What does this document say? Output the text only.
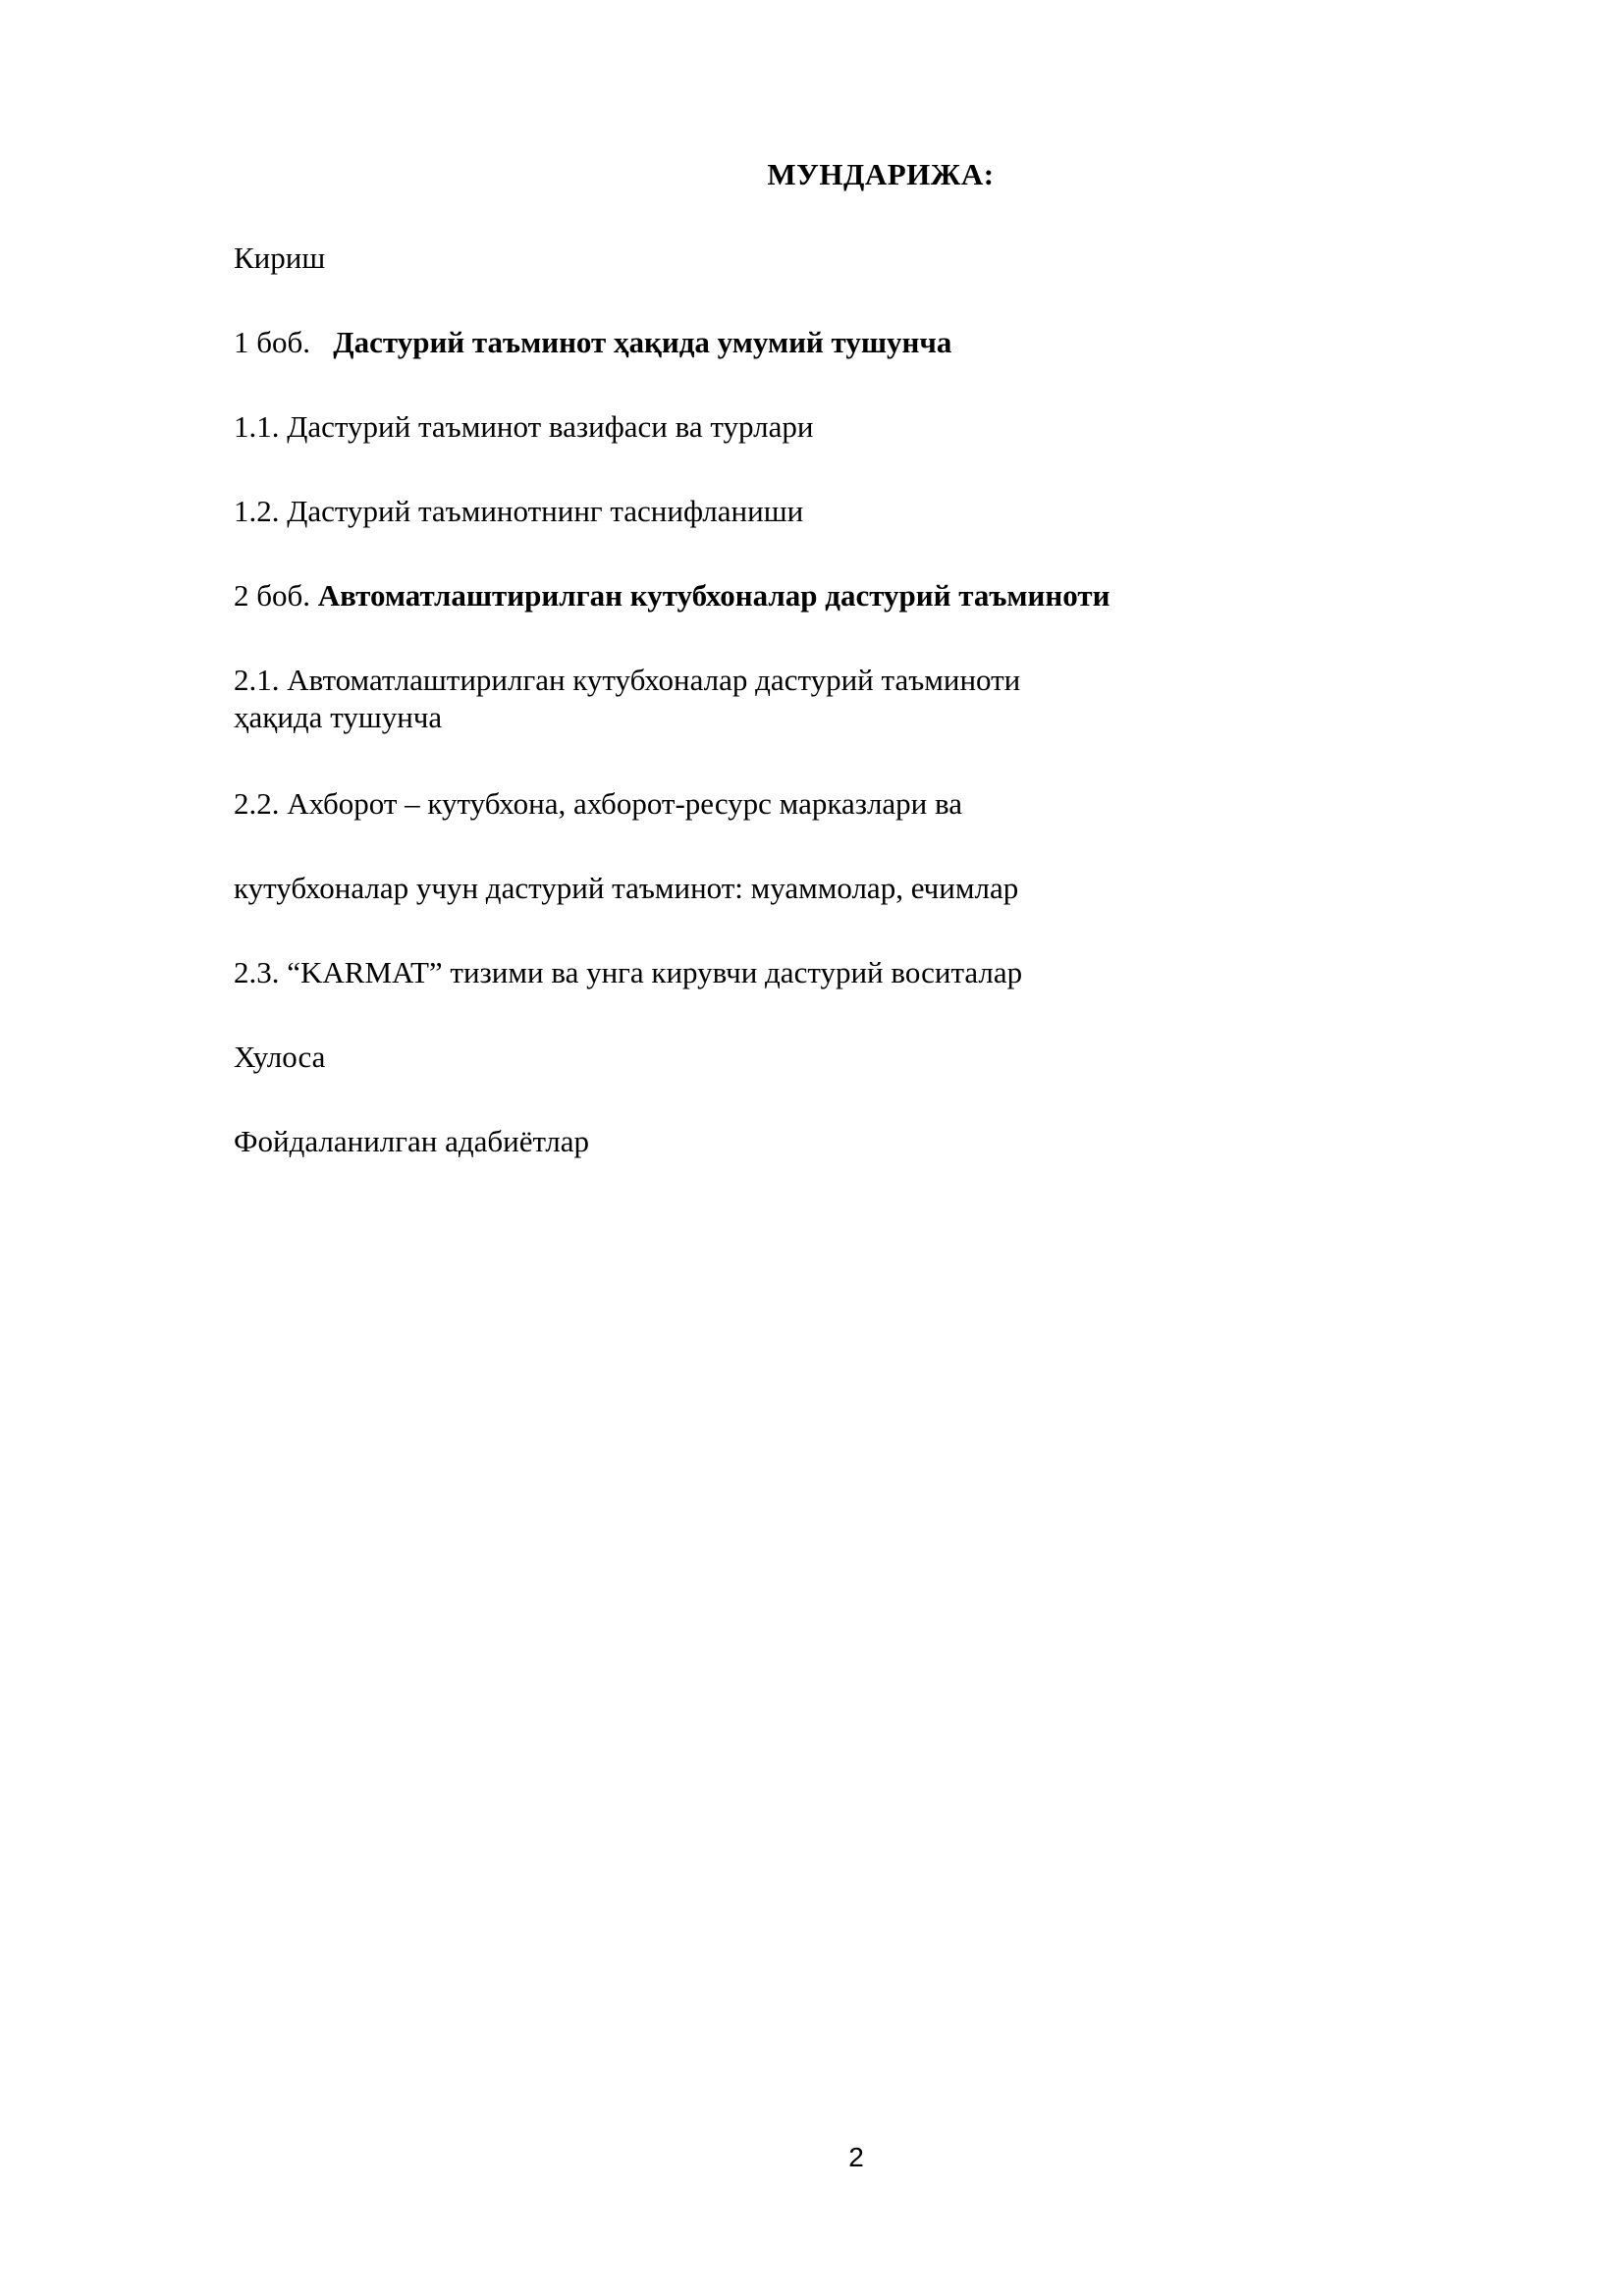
МУНДАРИЖА:
Кириш
1 боб. Дастурий таъминот ҳақида умумий тушунча
1.1. Дастурий таъминот вазифаси ва турлари
1.2. Дастурий таъминотнинг таснифланиши
2 боб. Автоматлаштирилган кутубхоналар дастурий таъминоти
2.1. Автоматлаштирилган кутубхоналар дастурий таъминоти
ҳақида тушунча
2.2. Ахборот – кутубхона, ахборот-ресурс марказлари ва
кутубхоналар учун дастурий таъминот: муаммолар, ечимлар
2.3. “KARMAT” тизими ва унга кирувчи дастурий воситалар
Хулоса
Фойдаланилган адабиётлар
2
